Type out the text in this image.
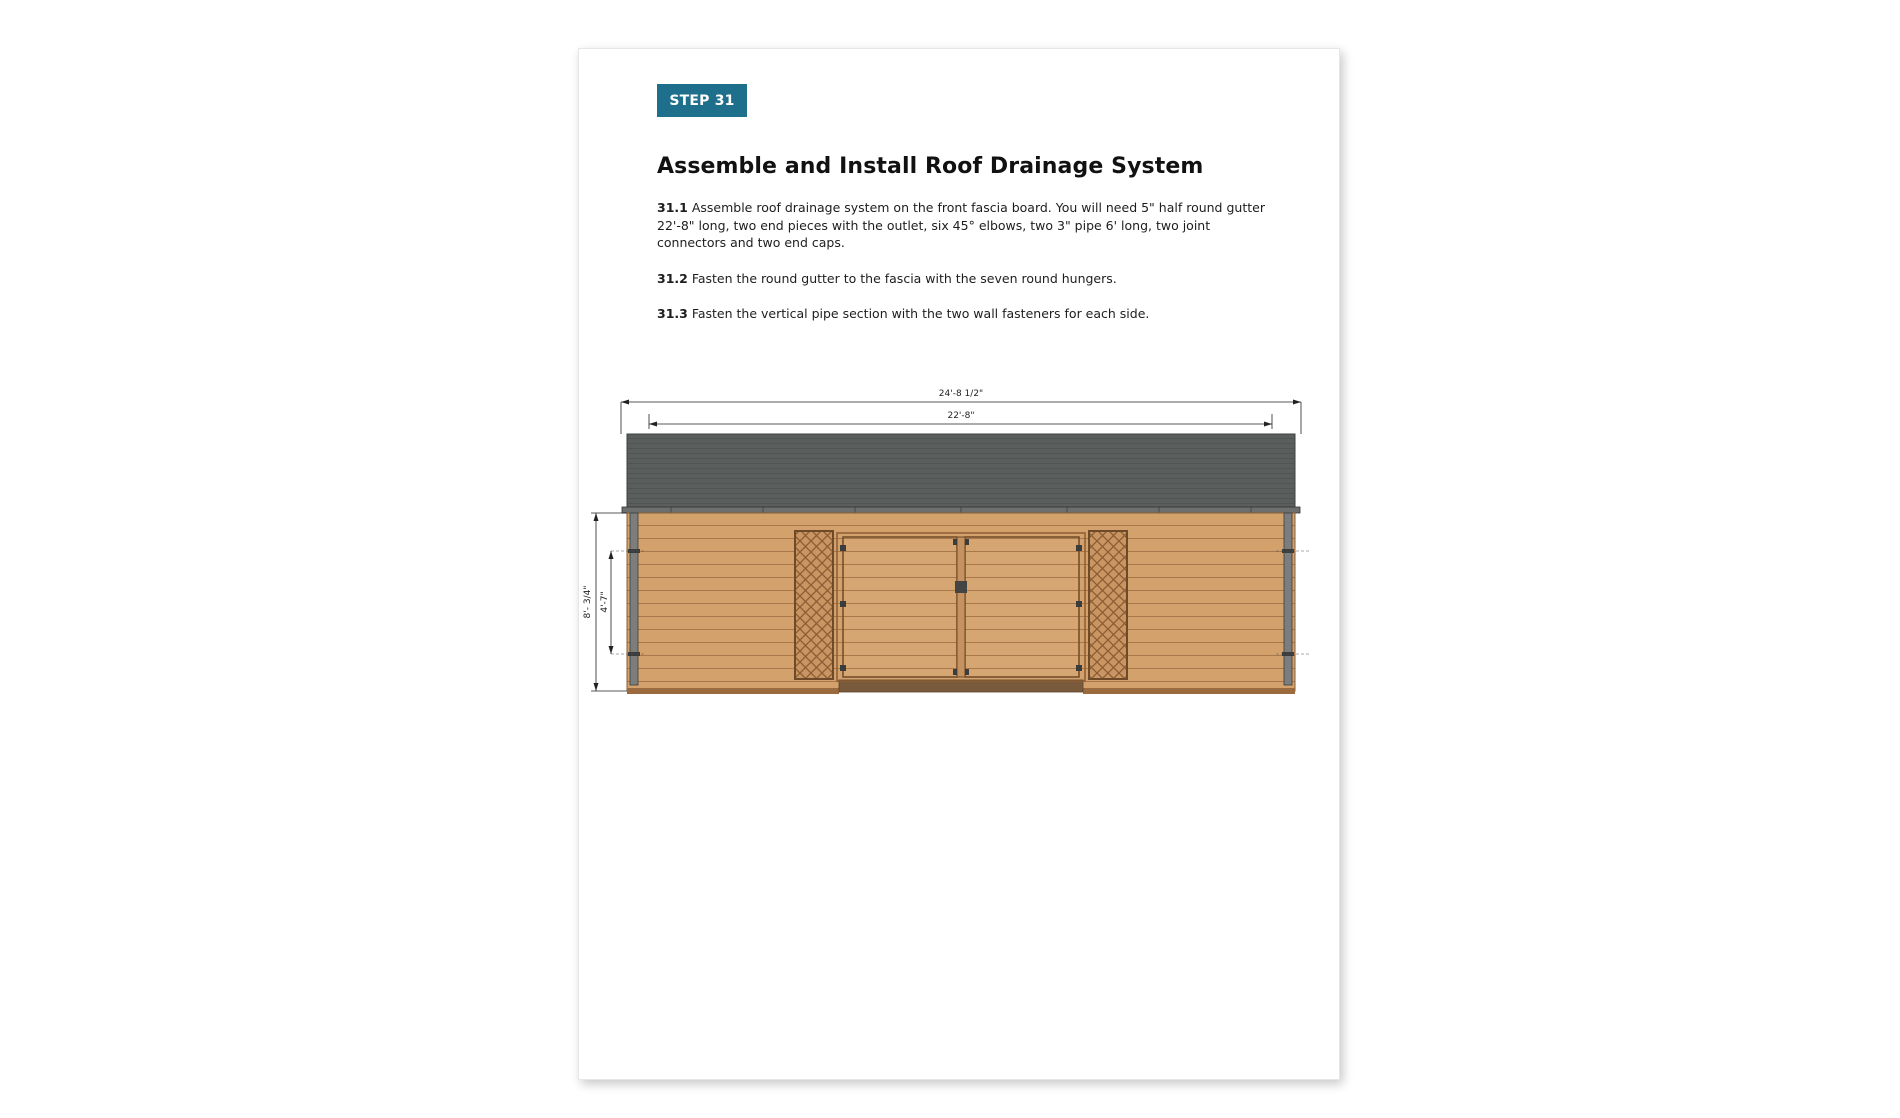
STEP 31
Assemble and Install Roof Drainage System

31.1 Assemble roof drainage system on the front fascia board. You will need 5" half round gutter 22'-8" long, two end pieces with the outlet, six 45° elbows, two 3" pipe 6' long, two joint connectors and two end caps.

31.2 Fasten the round gutter to the fascia with the seven round hungers.

31.3 Fasten the vertical pipe section with the two wall fasteners for each side.

24'-8 1/2"
22'-8"
8'- 3/4" 4'-7"
